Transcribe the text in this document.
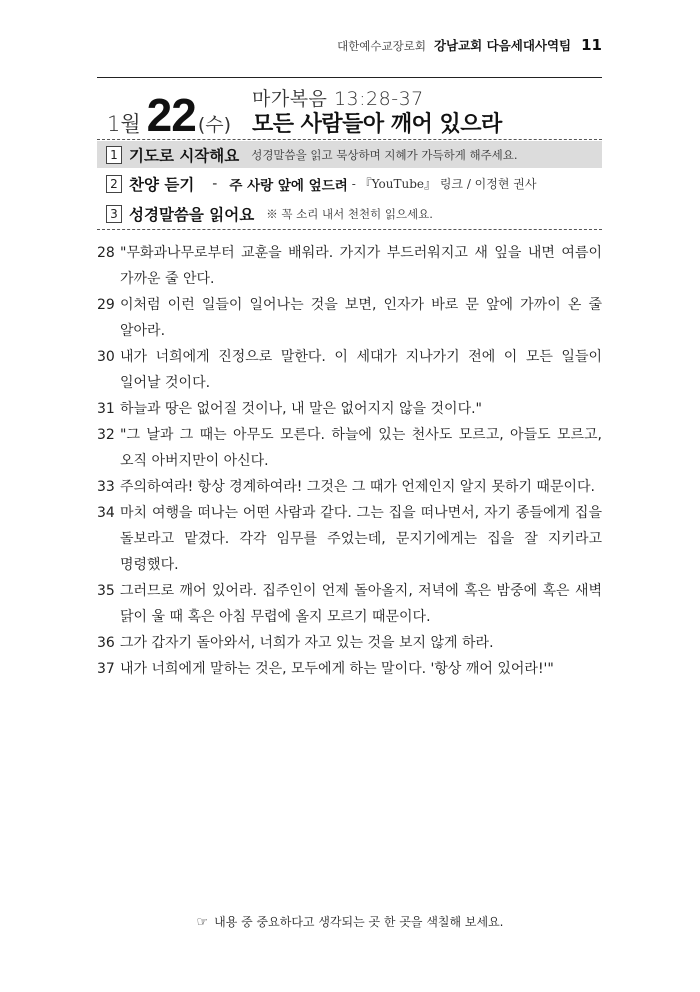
대한예수교장로회 강남교회 다음세대사역팀 11
1월 22 (수)
마가복음 13:28-37
모든 사람들아 깨어 있으라
1 기도로 시작해요 성경말씀을 읽고 묵상하며 지혜가 가득하게 해주세요.
2 찬양 듣기 - 주 사랑 앞에 엎드려 - 『YouTube』 링크 / 이정현 권사
3 성경말씀을 읽어요 ※ 꼭 소리 내서 천천히 읽으세요.
28 "무화과나무로부터 교훈을 배워라. 가지가 부드러워지고 새 잎을 내면 여름이 가까운 줄 안다.
29 이처럼 이런 일들이 일어나는 것을 보면, 인자가 바로 문 앞에 가까이 온 줄 알아라.
30 내가 너희에게 진정으로 말한다. 이 세대가 지나가기 전에 이 모든 일들이 일어날 것이다.
31 하늘과 땅은 없어질 것이나, 내 말은 없어지지 않을 것이다."
32 "그 날과 그 때는 아무도 모른다. 하늘에 있는 천사도 모르고, 아들도 모르고, 오직 아버지만이 아신다.
33 주의하여라! 항상 경계하여라! 그것은 그 때가 언제인지 알지 못하기 때문이다.
34 마치 여행을 떠나는 어떤 사람과 같다. 그는 집을 떠나면서, 자기 종들에게 집을 돌보라고 맡겼다. 각각 임무를 주었는데, 문지기에게는 집을 잘 지키라고 명령했다.
35 그러므로 깨어 있어라. 집주인이 언제 돌아올지, 저녁에 혹은 밤중에 혹은 새벽 닭이 울 때 혹은 아침 무렵에 올지 모르기 때문이다.
36 그가 갑자기 돌아와서, 너희가 자고 있는 것을 보지 않게 하라.
37 내가 너희에게 말하는 것은, 모두에게 하는 말이다. '항상 깨어 있어라!'"
☞ 내용 중 중요하다고 생각되는 곳 한 곳을 색칠해 보세요.
